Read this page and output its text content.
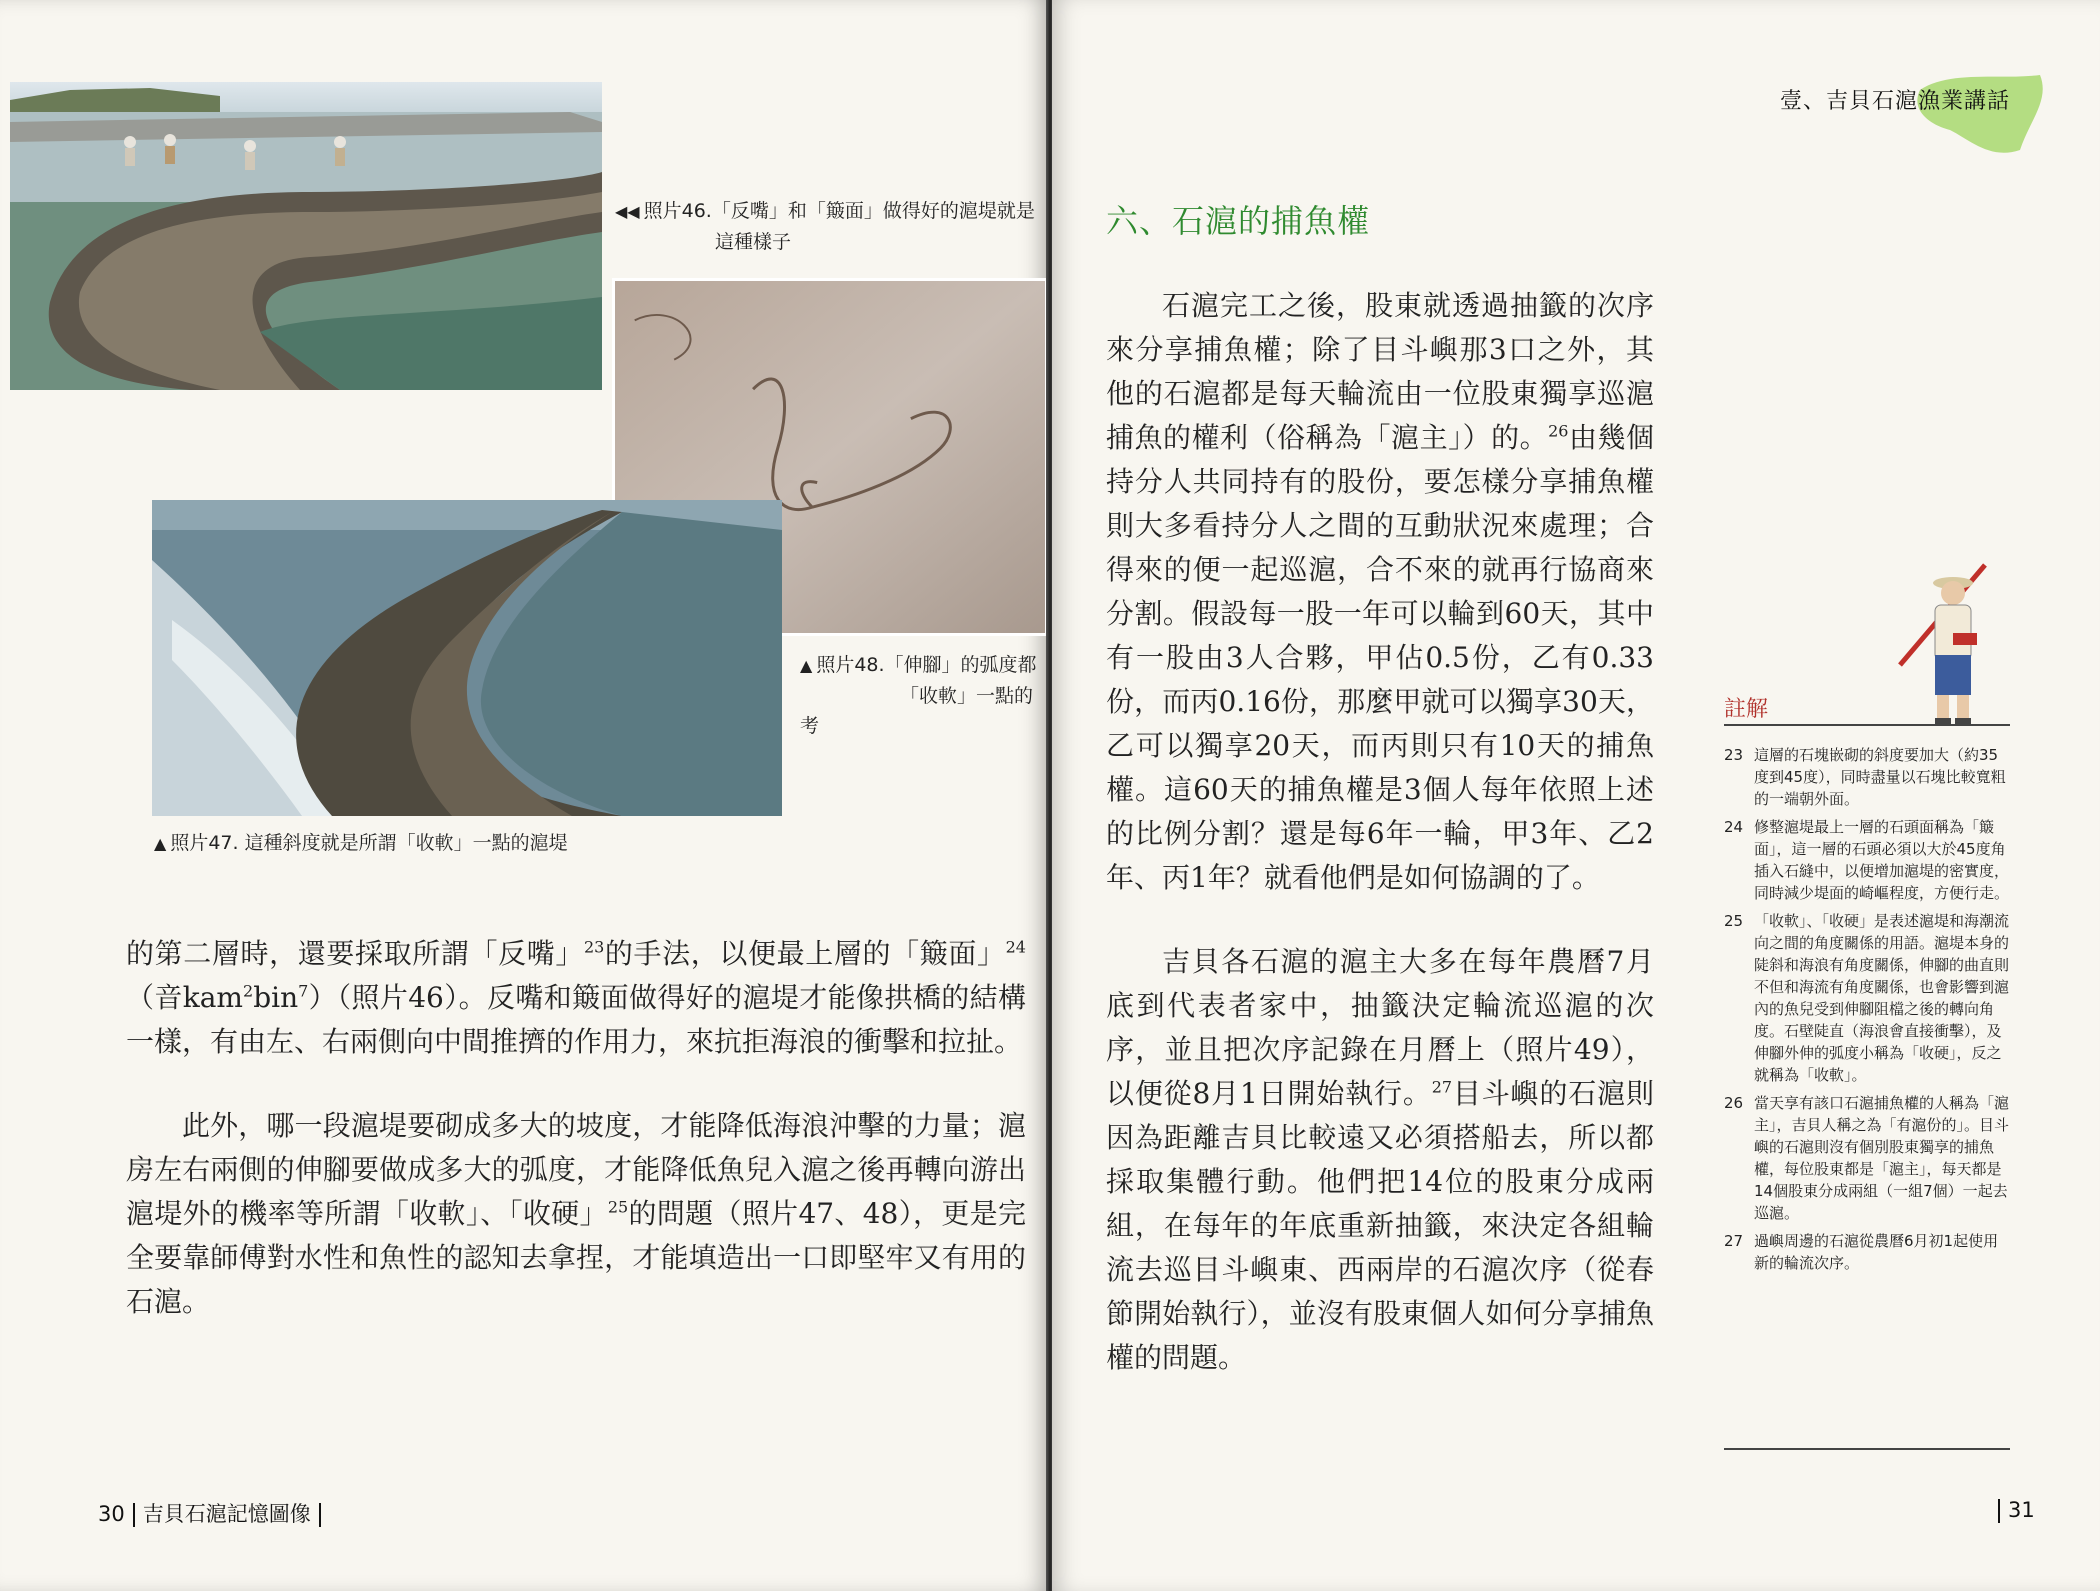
◀◀ 照片46.「反嘴」和「簸面」做得好的滬堤就是
這種樣子
▲ 照片48.「伸腳」的弧度都
「收軟」一點的考
▲ 照片47. 這種斜度就是所謂「收軟」一點的滬堤

的第二層時，還要採取所謂「反嘴」$^{23}$的手法，以便最上層的「簸面」$^{24}$（音kam$^2$bin$^7$）（照片46）。反嘴和簸面做得好的滬堤才能像拱橋的結構一樣，有由左、右兩側向中間推擠的作用力，來抗拒海浪的衝擊和拉扯。

此外，哪一段滬堤要砌成多大的坡度，才能降低海浪沖擊的力量；滬房左右兩側的伸腳要做成多大的弧度，才能降低魚兒入滬之後再轉向游出滬堤外的機率等所謂「收軟」、「收硬」$^{25}$的問題（照片47、48），更是完全要靠師傅對水性和魚性的認知去拿捏，才能填造出一口即堅牢又有用的石滬。

30 吉貝石滬記憶圖像
壹、吉貝石滬漁業講話
六、石滬的捕魚權

石滬完工之後，股東就透過抽籤的次序來分享捕魚權；除了目斗嶼那3口之外，其他的石滬都是每天輪流由一位股東獨享巡滬捕魚的權利（俗稱為「滬主」）的。$^{26}$由幾個持分人共同持有的股份，要怎樣分享捕魚權則大多看持分人之間的互動狀況來處理；合得來的便一起巡滬，合不來的就再行協商來分割。假設每一股一年可以輪到60天，其中有一股由3人合夥，甲佔0.5份，乙有0.33份，而丙0.16份，那麼甲就可以獨享30天，乙可以獨享20天，而丙則只有10天的捕魚權。這60天的捕魚權是3個人每年依照上述的比例分割？還是每6年一輪，甲3年、乙2年、丙1年？就看他們是如何協調的了。

吉貝各石滬的滬主大多在每年農曆7月底到代表者家中，抽籤決定輪流巡滬的次序，並且把次序記錄在月曆上（照片49），以便從8月1日開始執行。$^{27}$目斗嶼的石滬則因為距離吉貝比較遠又必須搭船去，所以都採取集體行動。他們把14位的股東分成兩組，在每年的年底重新抽籤，來決定各組輪流去巡目斗嶼東、西兩岸的石滬次序（從春節開始執行），並沒有股東個人如何分享捕魚權的問題。

註解
23 這層的石塊嵌砌的斜度要加大（約35度到45度），同時盡量以石塊比較寬粗的一端朝外面。
24 修整滬堤最上一層的石頭面稱為「簸面」，這一層的石頭必須以大於45度角插入石縫中，以便增加滬堤的密實度，同時減少堤面的崎嶇程度，方便行走。
25 「收軟」、「收硬」是表述滬堤和海潮流向之間的角度關係的用語。滬堤本身的陡斜和海浪有角度關係，伸腳的曲直則不但和海流有角度關係，也會影響到滬內的魚兒受到伸腳阻檔之後的轉向角度。石壁陡直（海浪會直接衝擊），及伸腳外伸的弧度小稱為「收硬」，反之就稱為「收軟」。
26 當天享有該口石滬捕魚權的人稱為「滬主」，吉貝人稱之為「有滬份的」。目斗嶼的石滬則沒有個別股東獨享的捕魚權，每位股東都是「滬主」，每天都是14個股東分成兩組（一組7個）一起去巡滬。
27 過嶼周邊的石滬從農曆6月初1起使用新的輪流次序。
31
